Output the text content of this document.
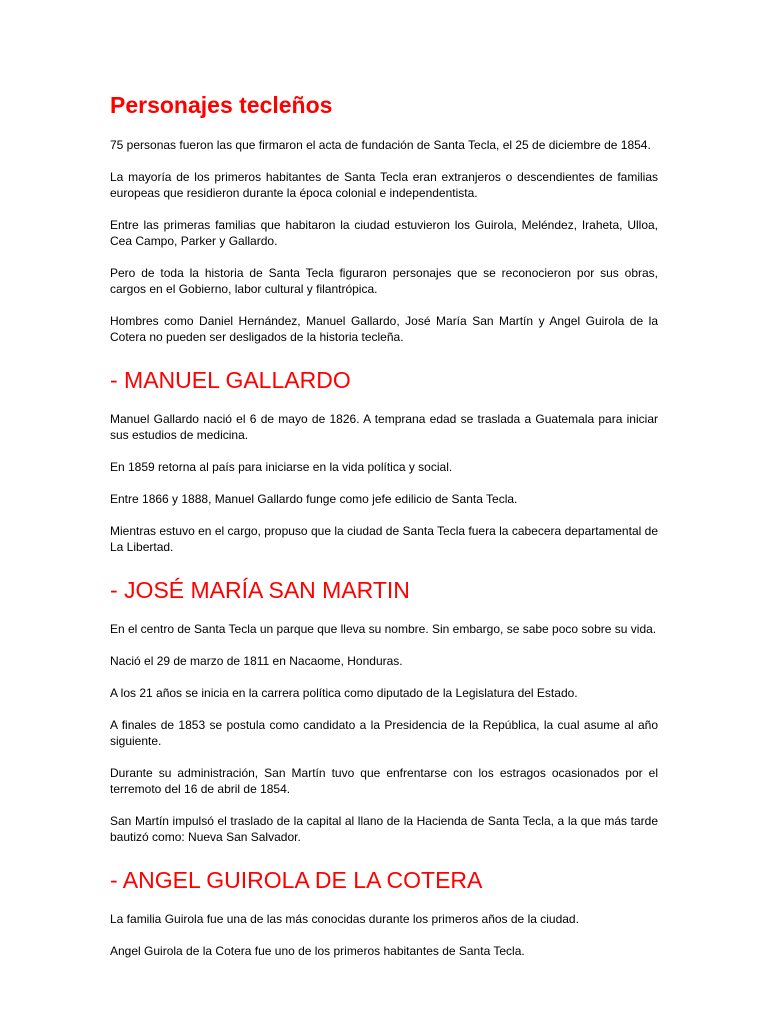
Personajes tecleños

75 personas fueron las que firmaron el acta de fundación de Santa Tecla, el 25 de diciembre de 1854.

La mayoría de los primeros habitantes de Santa Tecla eran extranjeros o descendientes de familias europeas que residieron durante la época colonial e independentista.

Entre las primeras familias que habitaron la ciudad estuvieron los Guirola, Meléndez, Iraheta, Ulloa, Cea Campo, Parker y Gallardo.

Pero de toda la historia de Santa Tecla figuraron personajes que se reconocieron por sus obras, cargos en el Gobierno, labor cultural y filantrópica.

Hombres como Daniel Hernández, Manuel Gallardo, José María San Martín y Angel Guirola de la Cotera no pueden ser desligados de la historia tecleña.

- MANUEL GALLARDO

Manuel Gallardo nació el 6 de mayo de 1826. A temprana edad se traslada a Guatemala para iniciar sus estudios de medicina.

En 1859 retorna al país para iniciarse en la vida política y social.

Entre 1866 y 1888, Manuel Gallardo funge como jefe edilicio de Santa Tecla.

Mientras estuvo en el cargo, propuso que la ciudad de Santa Tecla fuera la cabecera departamental de La Libertad.

- JOSÉ MARÍA SAN MARTIN

En el centro de Santa Tecla un parque que lleva su nombre. Sin embargo, se sabe poco sobre su vida.

Nació el 29 de marzo de 1811 en Nacaome, Honduras.

A los 21 años se inicia en la carrera política como diputado de la Legislatura del Estado.

A finales de 1853 se postula como candidato a la Presidencia de la República, la cual asume al año siguiente.

Durante su administración, San Martín tuvo que enfrentarse con los estragos ocasionados por el terremoto del 16 de abril de 1854.

San Martín impulsó el traslado de la capital al llano de la Hacienda de Santa Tecla, a la que más tarde bautizó como: Nueva San Salvador.

- ANGEL GUIROLA DE LA COTERA

La familia Guirola fue una de las más conocidas durante los primeros años de la ciudad.

Angel Guirola de la Cotera fue uno de los primeros habitantes de Santa Tecla.
